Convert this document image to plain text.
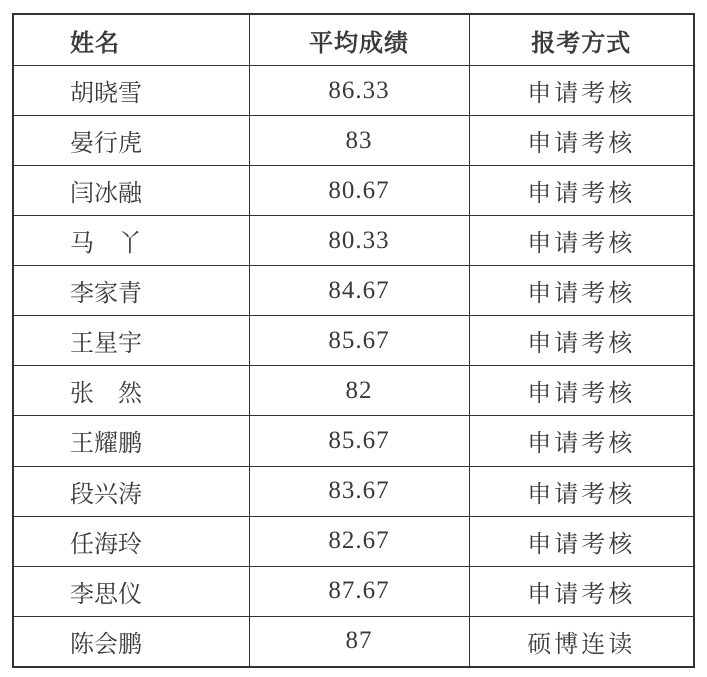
姓名	平均成绩	报考方式
胡晓雪	86.33	申请考核
晏行虎	83	申请考核
闫冰融	80.67	申请考核
马　丫	80.33	申请考核
李家青	84.67	申请考核
王星宇	85.67	申请考核
张　然	82	申请考核
王耀鹏	85.67	申请考核
段兴涛	83.67	申请考核
任海玲	82.67	申请考核
李思仪	87.67	申请考核
陈会鹏	87	硕博连读
